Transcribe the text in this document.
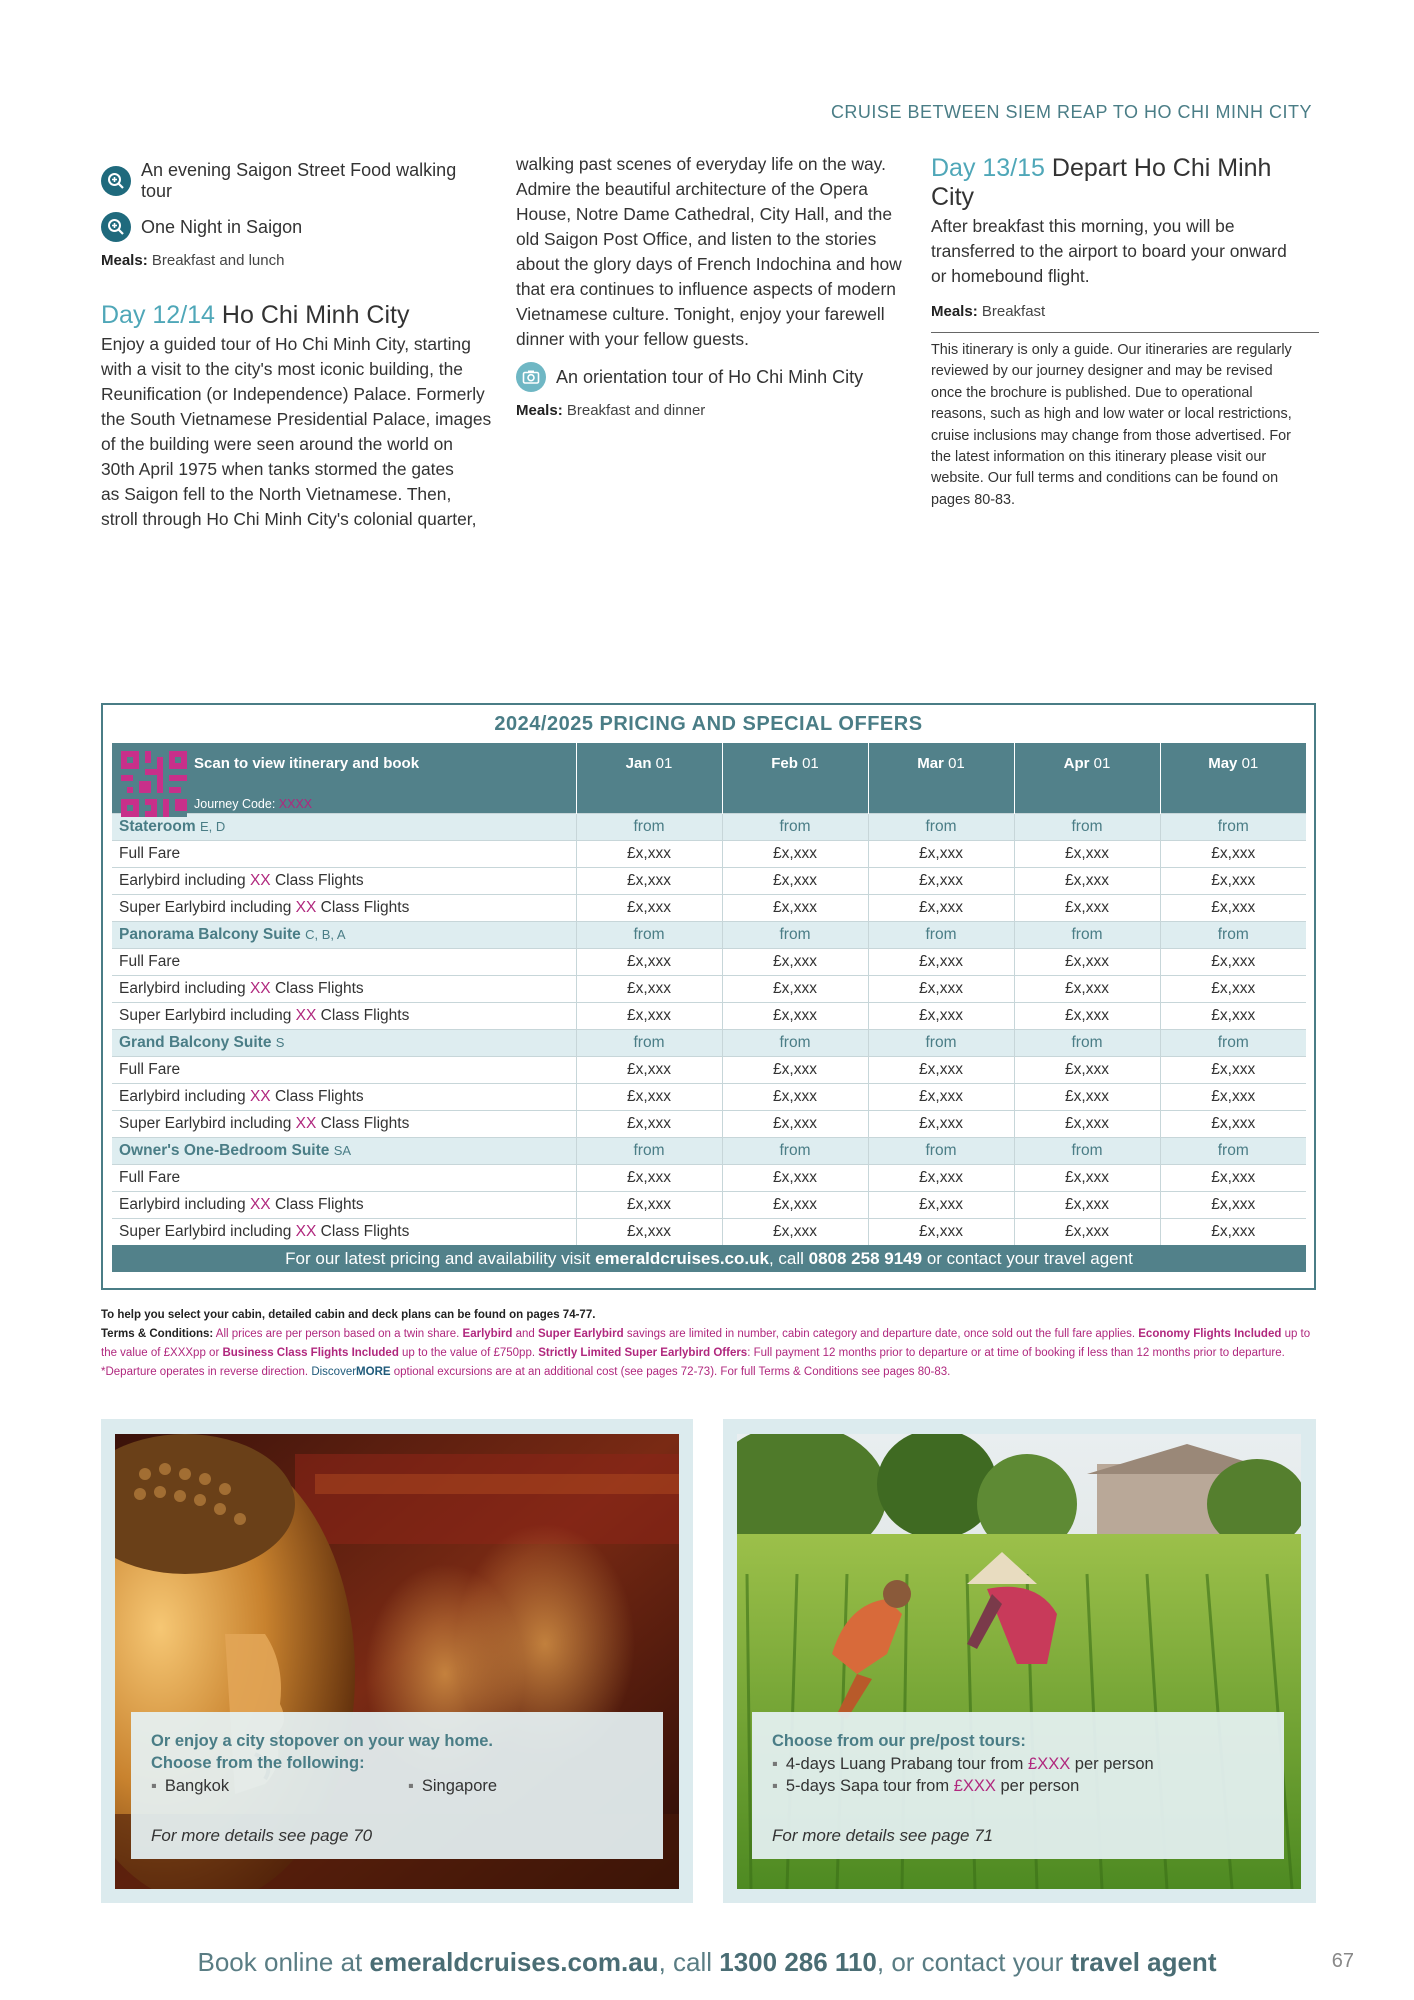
CRUISE BETWEEN SIEM REAP TO HO CHI MINH CITY
An evening Saigon Street Food walking tour
One Night in Saigon
Meals: Breakfast and lunch
Day 12/14 Ho Chi Minh City
Enjoy a guided tour of Ho Chi Minh City, starting
with a visit to the city's most iconic building, the
Reunification (or Independence) Palace. Formerly
the South Vietnamese Presidential Palace, images
of the building were seen around the world on
30th April 1975 when tanks stormed the gates
as Saigon fell to the North Vietnamese. Then,
stroll through Ho Chi Minh City's colonial quarter,
walking past scenes of everyday life on the way.
Admire the beautiful architecture of the Opera
House, Notre Dame Cathedral, City Hall, and the
old Saigon Post Office, and listen to the stories
about the glory days of French Indochina and how
that era continues to influence aspects of modern
Vietnamese culture. Tonight, enjoy your farewell
dinner with your fellow guests.
An orientation tour of Ho Chi Minh City
Meals: Breakfast and dinner
Day 13/15 Depart Ho Chi Minh City
After breakfast this morning, you will be
transferred to the airport to board your onward
or homebound flight.
Meals: Breakfast
This itinerary is only a guide. Our itineraries are regularly
reviewed by our journey designer and may be revised
once the brochure is published. Due to operational
reasons, such as high and low water or local restrictions,
cruise inclusions may change from those advertised. For
the latest information on this itinerary please visit our
website. Our full terms and conditions can be found on
pages 80-83.
2024/2025 PRICING AND SPECIAL OFFERS
Scan to view itinerary and book
Journey Code: XXXX	Jan 01	Feb 01	Mar 01	Apr 01	May 01
Stateroom E, D	from	from	from	from	from
Full Fare	£x,xxx	£x,xxx	£x,xxx	£x,xxx	£x,xxx
Earlybird including XX Class Flights	£x,xxx	£x,xxx	£x,xxx	£x,xxx	£x,xxx
Super Earlybird including XX Class Flights	£x,xxx	£x,xxx	£x,xxx	£x,xxx	£x,xxx
Panorama Balcony Suite C, B, A	from	from	from	from	from
Full Fare	£x,xxx	£x,xxx	£x,xxx	£x,xxx	£x,xxx
Earlybird including XX Class Flights	£x,xxx	£x,xxx	£x,xxx	£x,xxx	£x,xxx
Super Earlybird including XX Class Flights	£x,xxx	£x,xxx	£x,xxx	£x,xxx	£x,xxx
Grand Balcony Suite S	from	from	from	from	from
Full Fare	£x,xxx	£x,xxx	£x,xxx	£x,xxx	£x,xxx
Earlybird including XX Class Flights	£x,xxx	£x,xxx	£x,xxx	£x,xxx	£x,xxx
Super Earlybird including XX Class Flights	£x,xxx	£x,xxx	£x,xxx	£x,xxx	£x,xxx
Owner's One-Bedroom Suite SA	from	from	from	from	from
Full Fare	£x,xxx	£x,xxx	£x,xxx	£x,xxx	£x,xxx
Earlybird including XX Class Flights	£x,xxx	£x,xxx	£x,xxx	£x,xxx	£x,xxx
Super Earlybird including XX Class Flights	£x,xxx	£x,xxx	£x,xxx	£x,xxx	£x,xxx
For our latest pricing and availability visit emeraldcruises.co.uk, call 0808 258 9149 or contact your travel agent					
To help you select your cabin, detailed cabin and deck plans can be found on pages 74-77.
Terms & Conditions: All prices are per person based on a twin share. Earlybird and Super Earlybird savings are limited in number, cabin category and departure date, once sold out the full fare applies. Economy Flights Included up to the value of £XXXpp or Business Class Flights Included up to the value of £750pp. Strictly Limited Super Earlybird Offers: Full payment 12 months prior to departure or at time of booking if less than 12 months prior to departure. *Departure operates in reverse direction. DiscoverMORE optional excursions are at an additional cost (see pages 72-73). For full Terms & Conditions see pages 80-83.
Or enjoy a city stopover on your way home.
Choose from the following:
▪ Bangkok	▪ Singapore
For more details see page 70
Choose from our pre/post tours:
▪ 4-days Luang Prabang tour from £XXX per person
▪ 5-days Sapa tour from £XXX per person
For more details see page 71
Book online at emeraldcruises.com.au, call 1300 286 110, or contact your travel agent	67
